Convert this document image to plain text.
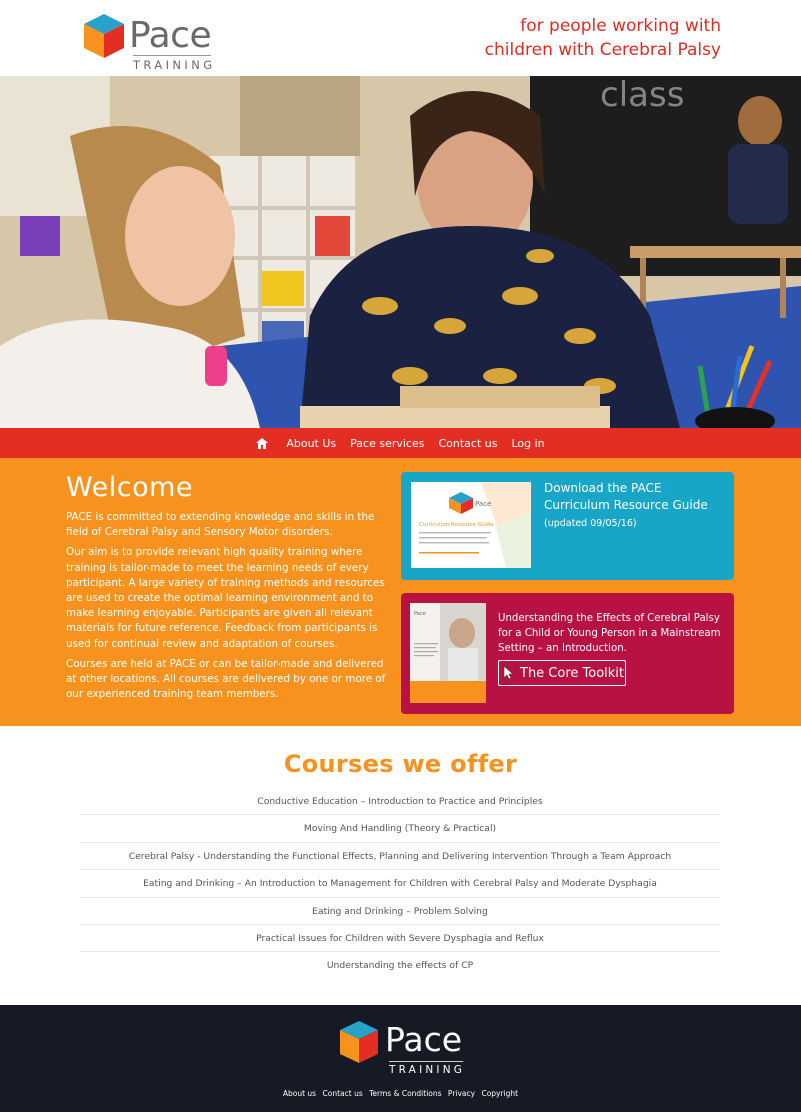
Pace
TRAINING
for people working with
children with Cerebral Palsy
class
About Us Pace services Contact us Log in
Welcome

PACE is committed to extending knowledge and skills in the field of Cerebral Palsy and Sensory Motor disorders.

Our aim is to provide relevant high quality training where training is tailor-made to meet the learning needs of every participant. A large variety of training methods and resources are used to create the optimal learning environment and to make learning enjoyable. Participants are given all relevant materials for future reference. Feedback from participants is used for continual review and adaptation of courses.

Courses are held at PACE or can be tailor-made and delivered at other locations. All courses are delivered by one or more of our experienced training team members.

Pace
Curriculum Resource Guide
Download the PACE Curriculum Resource Guide
(updated 09/05/16)
Pace	Understanding the Effects of Cerebral Palsy for a Child or Young Person in a Mainstream Setting – an Introduction.
The Core Toolkit
Courses we offer
Conductive Education – Introduction to Practice and Principles
Moving And Handling (Theory & Practical)
Cerebral Palsy - Understanding the Functional Effects, Planning and Delivering Intervention Through a Team Approach
Eating and Drinking – An Introduction to Management for Children with Cerebral Palsy and Moderate Dysphagia
Eating and Drinking – Problem Solving
Practical Issues for Children with Severe Dysphagia and Reflux
Understanding the effects of CP
Pace
TRAINING
About us Contact us Terms & Conditions Privacy Copyright
